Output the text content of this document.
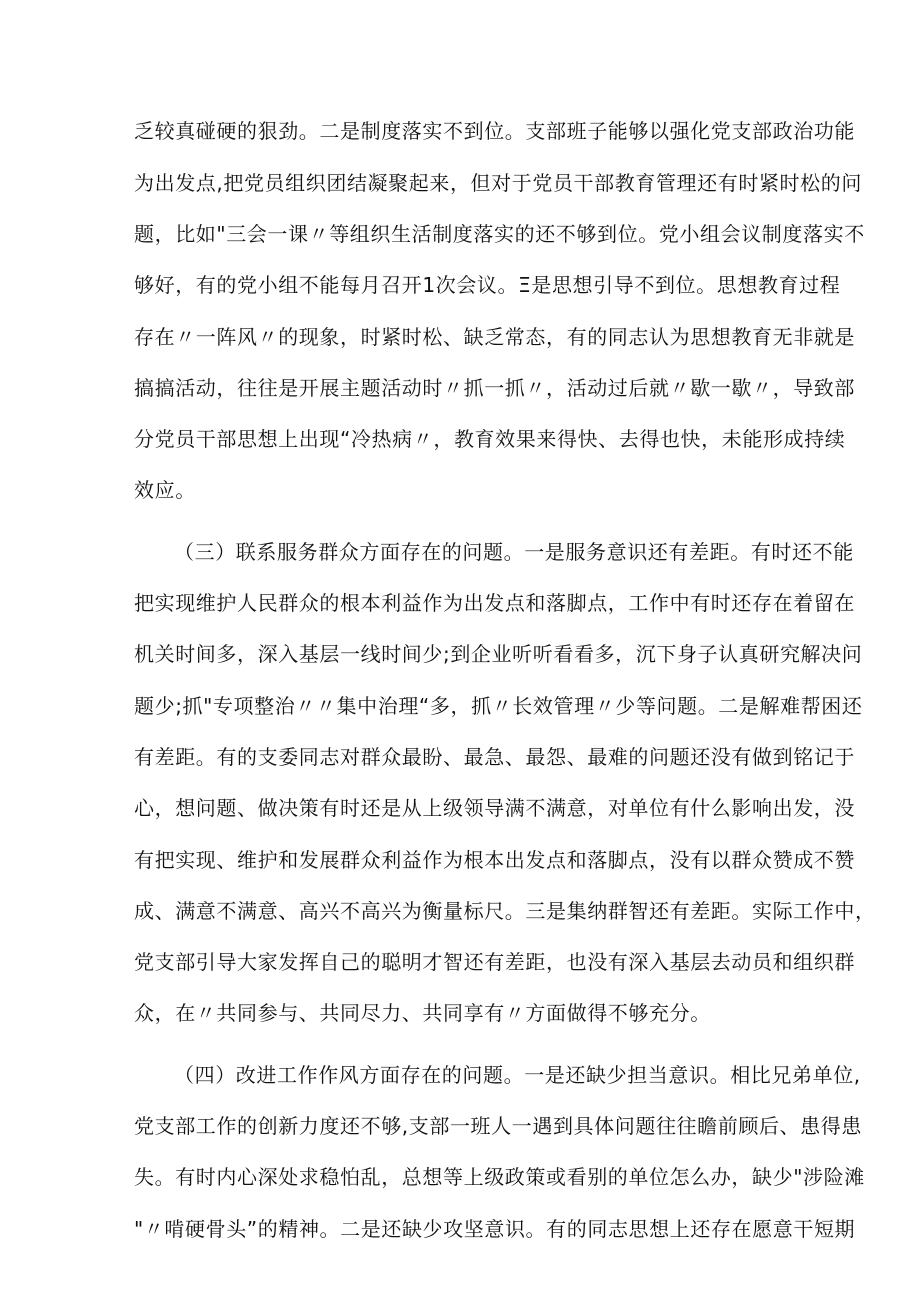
乏较真碰硬的狠劲。二是制度落实不到位。支部班子能够以强化党支部政治功能
为出发点,把党员组织团结凝聚起来，但对于党员干部教育管理还有时紧时松的问
题，比如"三会一课〃等组织生活制度落实的还不够到位。党小组会议制度落实不
够好，有的党小组不能每月召开1次会议。Ξ是思想引导不到位。思想教育过程
存在〃一阵风〃的现象，时紧时松、缺乏常态，有的同志认为思想教育无非就是
搞搞活动，往往是开展主题活动时〃抓一抓〃，活动过后就〃歇一歇〃，导致部
分党员干部思想上出现“冷热病〃，教育效果来得快、去得也快，未能形成持续
效应。
（三）联系服务群众方面存在的问题。一是服务意识还有差距。有时还不能
把实现维护人民群众的根本利益作为出发点和落脚点，工作中有时还存在着留在
机关时间多，深入基层一线时间少;到企业听听看看多，沉下身子认真研究解决问
题少;抓"专项整治〃〃集中治理“多，抓〃长效管理〃少等问题。二是解难帮困还
有差距。有的支委同志对群众最盼、最急、最怨、最难的问题还没有做到铭记于
心，想问题、做决策有时还是从上级领导满不满意，对单位有什么影响出发，没
有把实现、维护和发展群众利益作为根本出发点和落脚点，没有以群众赞成不赞
成、满意不满意、高兴不高兴为衡量标尺。三是集纳群智还有差距。实际工作中，
党支部引导大家发挥自己的聪明才智还有差距，也没有深入基层去动员和组织群
众，在〃共同参与、共同尽力、共同享有〃方面做得不够充分。
（四）改进工作作风方面存在的问题。一是还缺少担当意识。相比兄弟单位,
党支部工作的创新力度还不够,支部一班人一遇到具体问题往往瞻前顾后、患得患
失。有时内心深处求稳怕乱，总想等上级政策或看别的单位怎么办，缺少"涉险滩
"〃啃硬骨头”的精神。二是还缺少攻坚意识。有的同志思想上还存在愿意干短期
